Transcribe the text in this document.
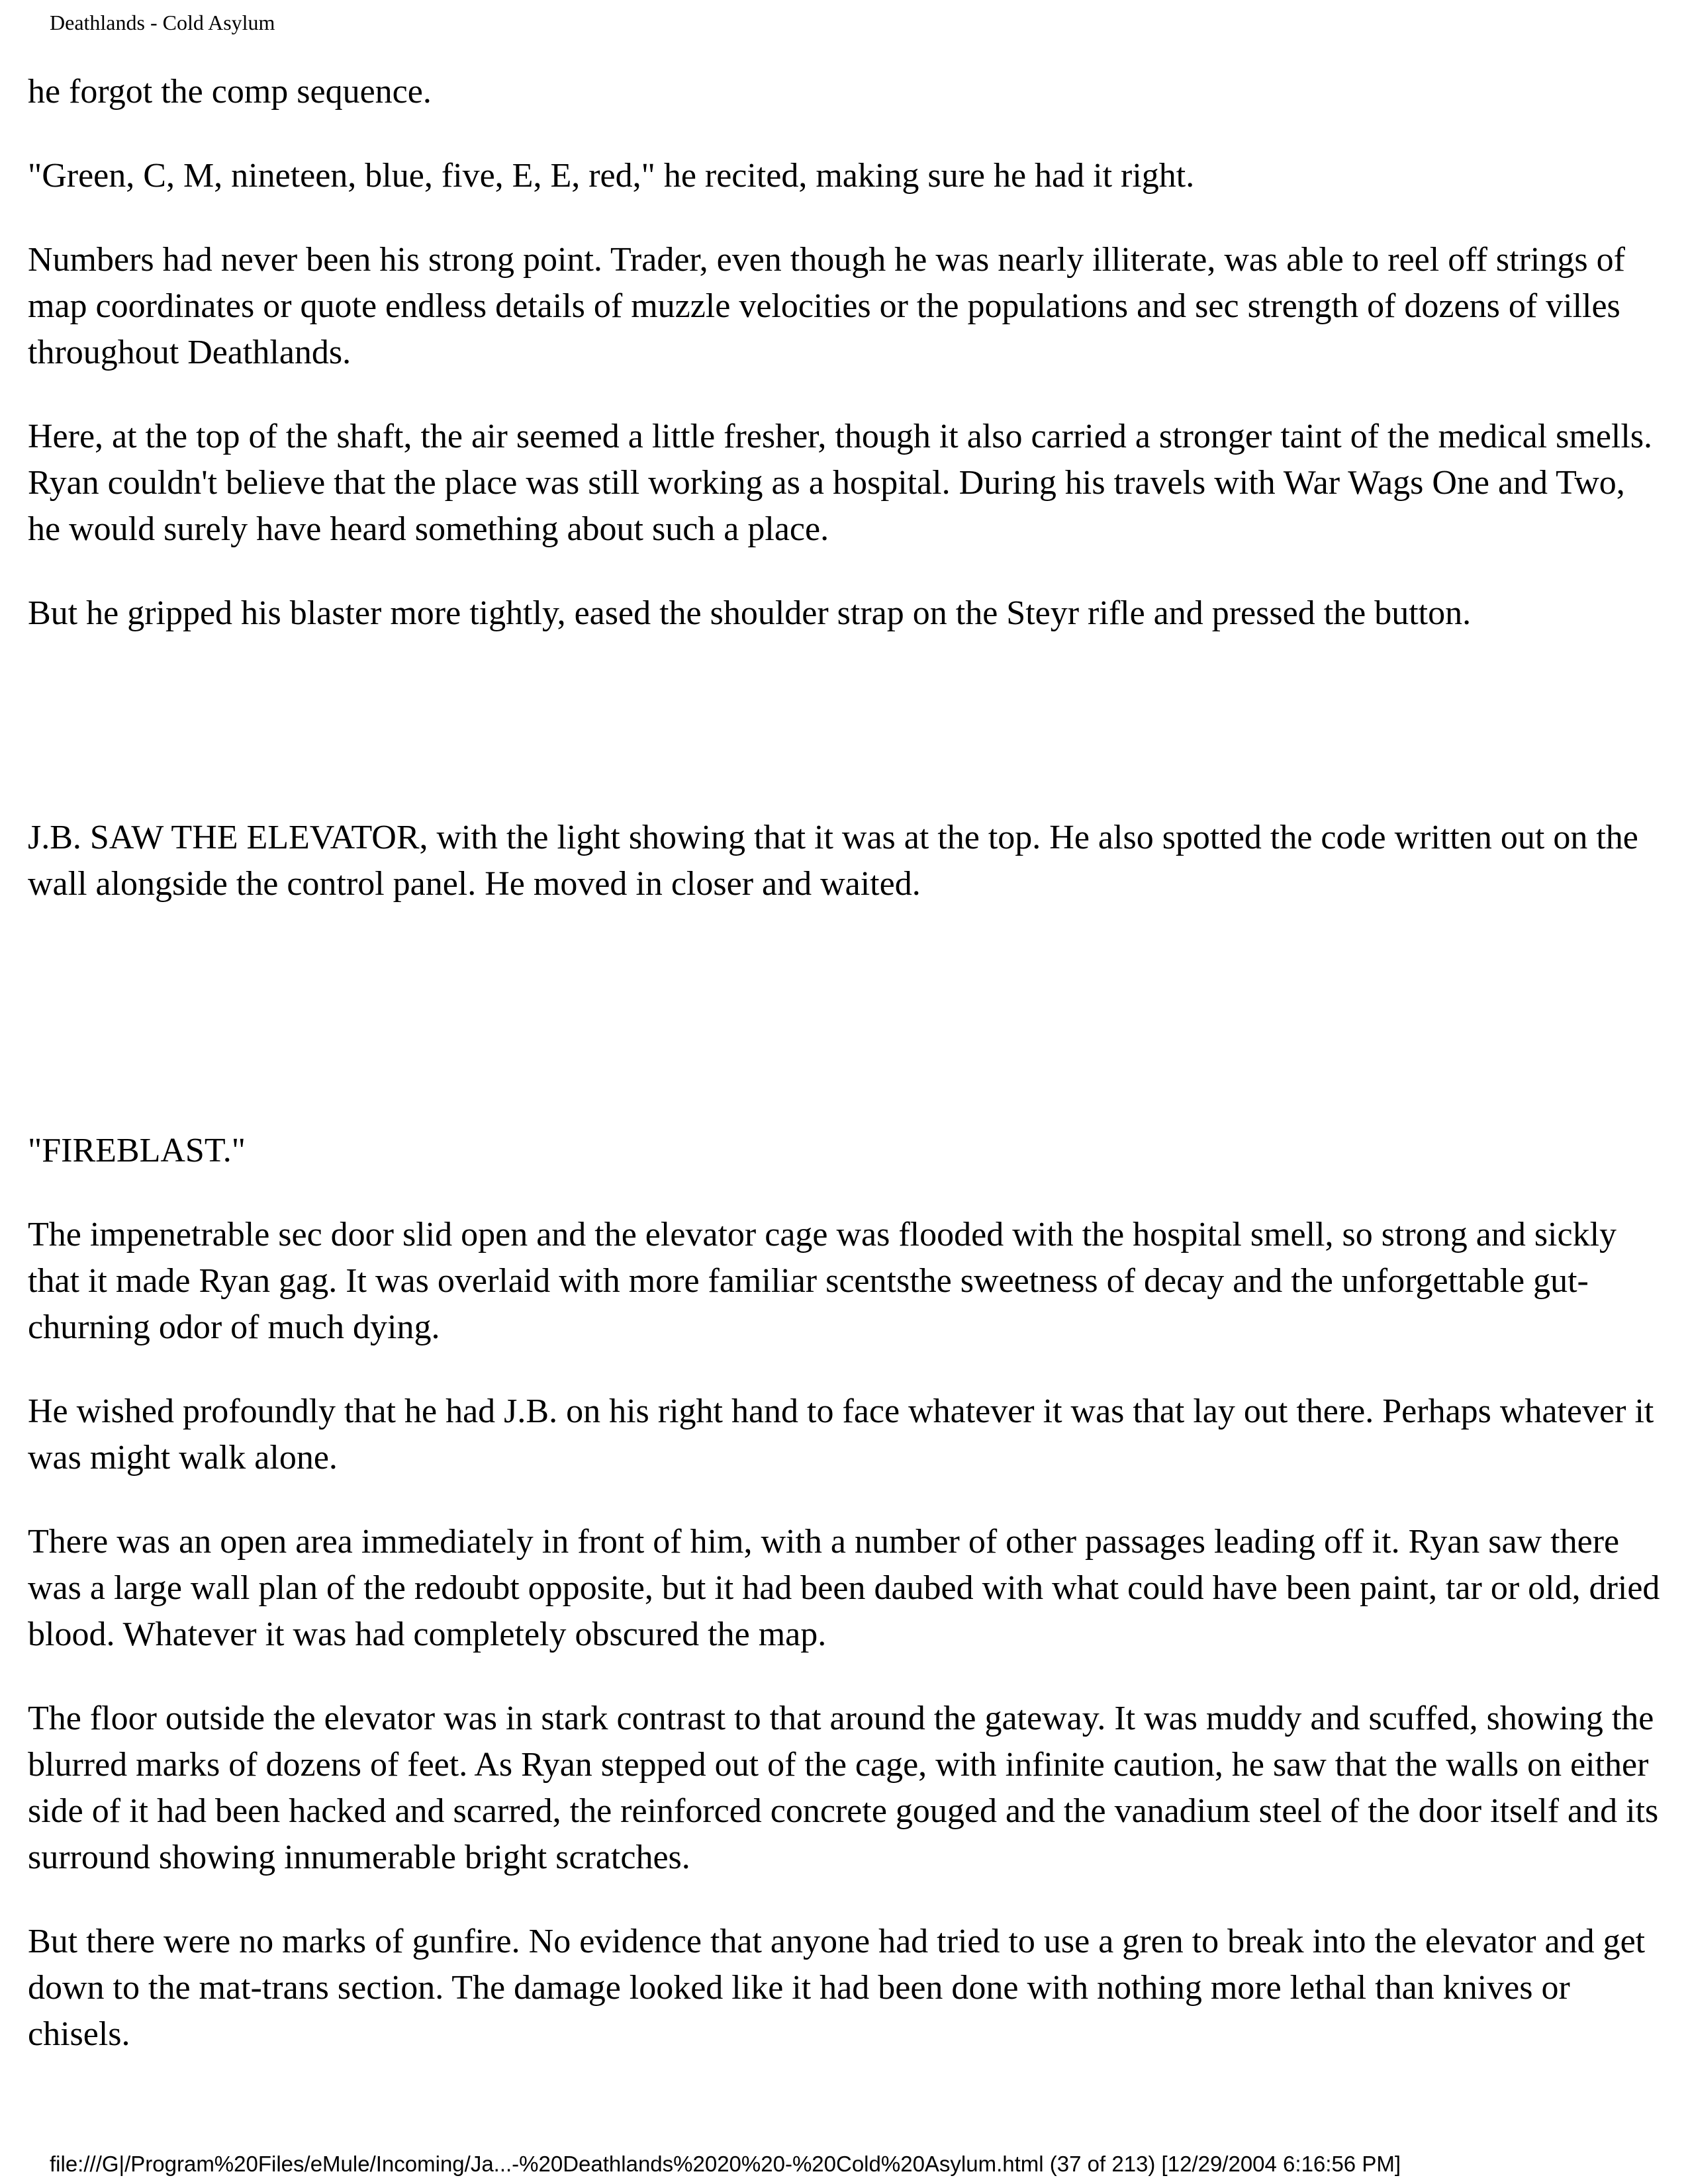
Deathlands - Cold Asylum

he forgot the comp sequence.

"Green, C, M, nineteen, blue, five, E, E, red," he recited, making sure he had it right.

Numbers had never been his strong point. Trader, even though he was nearly illiterate, was able to reel off strings of map coordinates or quote endless details of muzzle velocities or the populations and sec strength of dozens of villes throughout Deathlands.

Here, at the top of the shaft, the air seemed a little fresher, though it also carried a stronger taint of the medical smells. Ryan couldn't believe that the place was still working as a hospital. During his travels with War Wags One and Two, he would surely have heard something about such a place.

But he gripped his blaster more tightly, eased the shoulder strap on the Steyr rifle and pressed the button.

J.B. SAW THE ELEVATOR, with the light showing that it was at the top. He also spotted the code written out on the wall alongside the control panel. He moved in closer and waited.

"FIREBLAST."

The impenetrable sec door slid open and the elevator cage was flooded with the hospital smell, so strong and sickly that it made Ryan gag. It was overlaid with more familiar scentsthe sweetness of decay and the unforgettable gut-churning odor of much dying.

He wished profoundly that he had J.B. on his right hand to face whatever it was that lay out there. Perhaps whatever it was might walk alone.

There was an open area immediately in front of him, with a number of other passages leading off it. Ryan saw there was a large wall plan of the redoubt opposite, but it had been daubed with what could have been paint, tar or old, dried blood. Whatever it was had completely obscured the map.

The floor outside the elevator was in stark contrast to that around the gateway. It was muddy and scuffed, showing the blurred marks of dozens of feet. As Ryan stepped out of the cage, with infinite caution, he saw that the walls on either side of it had been hacked and scarred, the reinforced concrete gouged and the vanadium steel of the door itself and its surround showing innumerable bright scratches.

But there were no marks of gunfire. No evidence that anyone had tried to use a gren to break into the elevator and get down to the mat-trans section. The damage looked like it had been done with nothing more lethal than knives or chisels.

file:///G|/Program%20Files/eMule/Incoming/Ja...-%20Deathlands%2020%20-%20Cold%20Asylum.html (37 of 213) [12/29/2004 6:16:56 PM]
